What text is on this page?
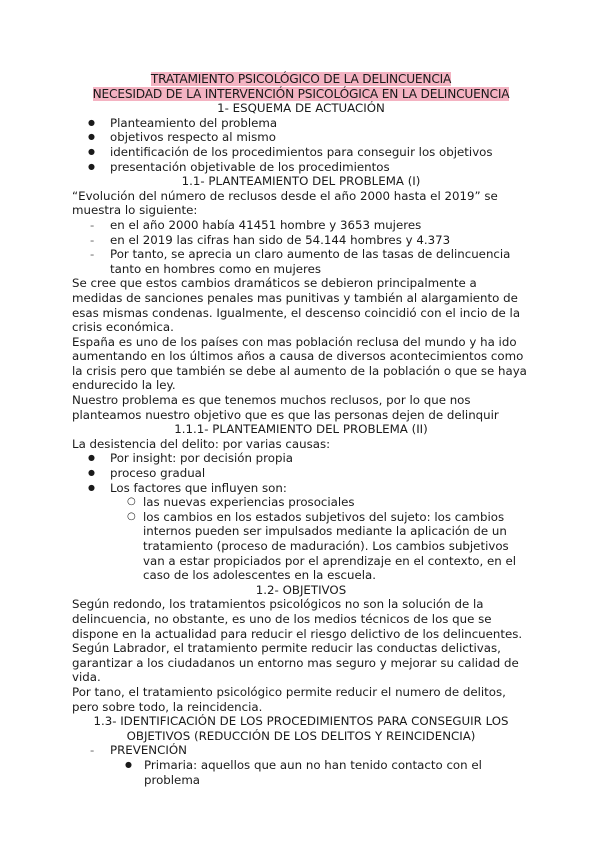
TRATAMIENTO PSICOLÓGICO DE LA DELINCUENCIA
NECESIDAD DE LA INTERVENCIÓN PSICOLÓGICA EN LA DELINCUENCIA
1- ESQUEMA DE ACTUACIÓN
● Planteamiento del problema
● objetivos respecto al mismo
● identificación de los procedimientos para conseguir los objetivos
● presentación objetivable de los procedimientos
1.1- PLANTEAMIENTO DEL PROBLEMA (I)

“Evolución del número de reclusos desde el año 2000 hasta el 2019” se muestra lo siguiente:

- en el año 2000 había 41451 hombre y 3653 mujeres
- en el 2019 las cifras han sido de 54.144 hombres y 4.373
- Por tanto, se aprecia un claro aumento de las tasas de delincuencia tanto en hombres como en mujeres

Se cree que estos cambios dramáticos se debieron principalmente a medidas de sanciones penales mas punitivas y también al alargamiento de esas mismas condenas. Igualmente, el descenso coincidió con el incio de la crisis económica.

España es uno de los países con mas población reclusa del mundo y ha ido aumentando en los últimos años a causa de diversos acontecimientos como la crisis pero que también se debe al aumento de la población o que se haya endurecido la ley.

Nuestro problema es que tenemos muchos reclusos, por lo que nos planteamos nuestro objetivo que es que las personas dejen de delinquir

1.1.1- PLANTEAMIENTO DEL PROBLEMA (II)

La desistencia del delito: por varias causas:

● Por insight: por decisión propia
● proceso gradual
● Los factores que influyen son:
○ las nuevas experiencias prosociales
○ los cambios en los estados subjetivos del sujeto: los cambios internos pueden ser impulsados mediante la aplicación de un tratamiento (proceso de maduración). Los cambios subjetivos van a estar propiciados por el aprendizaje en el contexto, en el caso de los adolescentes en la escuela.
1.2- OBJETIVOS

Según redondo, los tratamientos psicológicos no son la solución de la delincuencia, no obstante, es uno de los medios técnicos de los que se dispone en la actualidad para reducir el riesgo delictivo de los delincuentes.

Según Labrador, el tratamiento permite reducir las conductas delictivas, garantizar a los ciudadanos un entorno mas seguro y mejorar su calidad de vida.

Por tano, el tratamiento psicológico permite reducir el numero de delitos, pero sobre todo, la reincidencia.

1.3- IDENTIFICACIÓN DE LOS PROCEDIMIENTOS PARA CONSEGUIR LOS OBJETIVOS (REDUCCIÓN DE LOS DELITOS Y REINCIDENCIA)
- PREVENCIÓN
● Primaria: aquellos que aun no han tenido contacto con el problema
